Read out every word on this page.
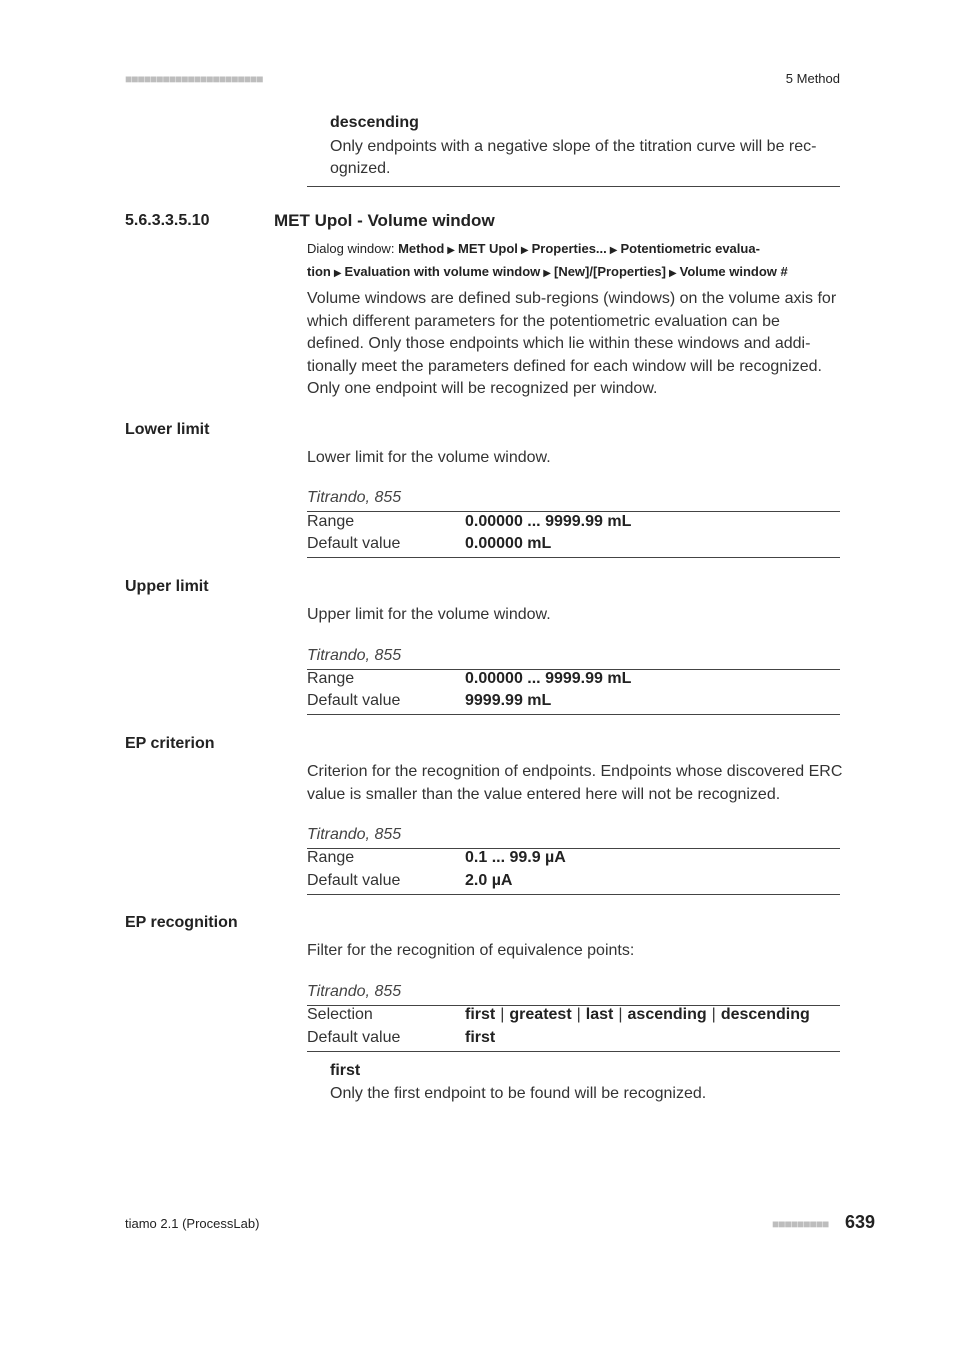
■■■■■■■■■■■■■■■■■■■■■■	5 Method
descending
Only endpoints with a negative slope of the titration curve will be rec-
ognized.
5.6.3.3.5.10	MET Upol - Volume window
Dialog window: Method ▶ MET Upol ▶ Properties... ▶ Potentiometric evalua-
tion ▶ Evaluation with volume window ▶ [New]/[Properties] ▶ Volume window #
Volume windows are defined sub-regions (windows) on the volume axis for
which different parameters for the potentiometric evaluation can be
defined. Only those endpoints which lie within these windows and addi-
tionally meet the parameters defined for each window will be recognized.
Only one endpoint will be recognized per window.
Lower limit
Lower limit for the volume window.
Titrando, 855
Range	0.00000 ... 9999.99 mL
Default value	0.00000 mL
Upper limit
Upper limit for the volume window.
Titrando, 855
Range	0.00000 ... 9999.99 mL
Default value	9999.99 mL
EP criterion
Criterion for the recognition of endpoints. Endpoints whose discovered ERC
value is smaller than the value entered here will not be recognized.
Titrando, 855
Range	0.1 ... 99.9 µA
Default value	2.0 µA
EP recognition
Filter for the recognition of equivalence points:
Titrando, 855
Selection	first | greatest | last | ascending | descending
Default value	first
first
Only the first endpoint to be found will be recognized.
tiamo 2.1 (ProcessLab)	■■■■■■■■■ 639
